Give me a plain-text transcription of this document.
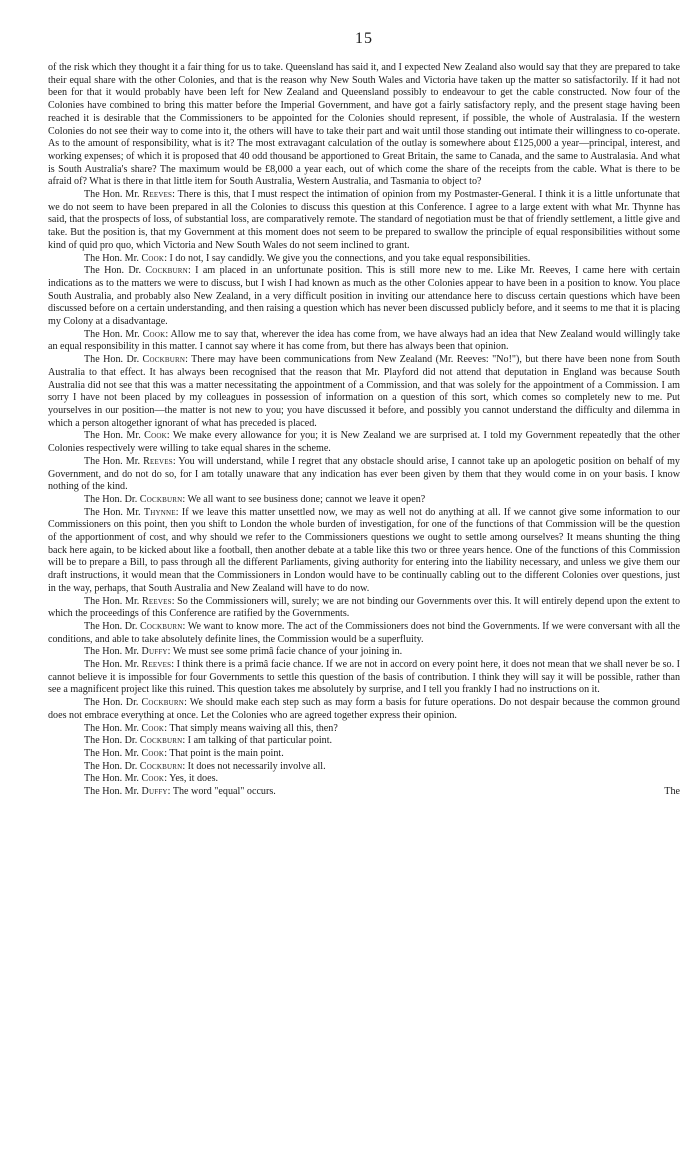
15

of the risk which they thought it a fair thing for us to take. Queensland has said it, and I expected New Zealand also would say that they are prepared to take their equal share with the other Colonies, and that is the reason why New South Wales and Victoria have taken up the matter so satisfactorily. If it had not been for that it would probably have been left for New Zealand and Queensland possibly to endeavour to get the cable constructed. Now four of the Colonies have combined to bring this matter before the Imperial Government, and have got a fairly satisfactory reply, and the present stage having been reached it is desirable that the Commissioners to be appointed for the Colonies should represent, if possible, the whole of Australasia. If the western Colonies do not see their way to come into it, the others will have to take their part and wait until those standing out intimate their willingness to co-operate. As to the amount of responsibility, what is it? The most extravagant calculation of the outlay is somewhere about £125,000 a year—principal, interest, and working expenses; of which it is proposed that 40 odd thousand be apportioned to Great Britain, the same to Canada, and the same to Australasia. And what is South Australia's share? The maximum would be £8,000 a year each, out of which come the share of the receipts from the cable. What is there to be afraid of? What is there in that little item for South Australia, Western Australia, and Tasmania to object to?

The Hon. Mr. Reeves: There is this, that I must respect the intimation of opinion from my Postmaster-General. I think it is a little unfortunate that we do not seem to have been prepared in all the Colonies to discuss this question at this Conference. I agree to a large extent with what Mr. Thynne has said, that the prospects of loss, of substantial loss, are comparatively remote. The standard of negotiation must be that of friendly settlement, a little give and take. But the position is, that my Government at this moment does not seem to be prepared to swallow the principle of equal responsibilities without some kind of quid pro quo, which Victoria and New South Wales do not seem inclined to grant.

The Hon. Mr. Cook: I do not, I say candidly. We give you the connections, and you take equal responsibilities.

The Hon. Dr. Cockburn: I am placed in an unfortunate position. This is still more new to me. Like Mr. Reeves, I came here with certain indications as to the matters we were to discuss, but I wish I had known as much as the other Colonies appear to have been in a position to know. You place South Australia, and probably also New Zealand, in a very difficult position in inviting our attendance here to discuss certain questions which have been discussed before on a certain understanding, and then raising a question which has never been discussed publicly before, and it seems to me that it is placing my Colony at a disadvantage.

The Hon. Mr. Cook: Allow me to say that, wherever the idea has come from, we have always had an idea that New Zealand would willingly take an equal responsibility in this matter. I cannot say where it has come from, but there has always been that opinion.

The Hon. Dr. Cockburn: There may have been communications from New Zealand (Mr. Reeves: "No!"), but there have been none from South Australia to that effect. It has always been recognised that the reason that Mr. Playford did not attend that deputation in England was because South Australia did not see that this was a matter necessitating the appointment of a Commission, and that was solely for the appointment of a Commission. I am sorry I have not been placed by my colleagues in possession of information on a question of this sort, which comes so completely new to me. Put yourselves in our position—the matter is not new to you; you have discussed it before, and possibly you cannot understand the difficulty and dilemma in which a person altogether ignorant of what has preceded is placed.

The Hon. Mr. Cook: We make every allowance for you; it is New Zealand we are surprised at. I told my Government repeatedly that the other Colonies respectively were willing to take equal shares in the scheme.

The Hon. Mr. Reeves: You will understand, while I regret that any obstacle should arise, I cannot take up an apologetic position on behalf of my Government, and do not do so, for I am totally unaware that any indication has ever been given by them that they would come in on your basis. I know nothing of the kind.

The Hon. Dr. Cockburn: We all want to see business done; cannot we leave it open?

The Hon. Mr. Thynne: If we leave this matter unsettled now, we may as well not do anything at all. If we cannot give some information to our Commissioners on this point, then you shift to London the whole burden of investigation, for one of the functions of that Commission will be the question of the apportionment of cost, and why should we refer to the Commissioners questions we ought to settle among ourselves? It means shunting the thing back here again, to be kicked about like a football, then another debate at a table like this two or three years hence. One of the functions of this Commission will be to prepare a Bill, to pass through all the different Parliaments, giving authority for entering into the liability necessary, and unless we give them our draft instructions, it would mean that the Commissioners in London would have to be continually cabling out to the different Colonies over questions, just in the way, perhaps, that South Australia and New Zealand will have to do now.

The Hon. Mr. Reeves: So the Commissioners will, surely; we are not binding our Governments over this. It will entirely depend upon the extent to which the proceedings of this Conference are ratified by the Governments.

The Hon. Dr. Cockburn: We want to know more. The act of the Commissioners does not bind the Governments. If we were conversant with all the conditions, and able to take absolutely definite lines, the Commission would be a superfluity.

The Hon. Mr. Duffy: We must see some primâ facie chance of your joining in.

The Hon. Mr. Reeves: I think there is a primâ facie chance. If we are not in accord on every point here, it does not mean that we shall never be so. I cannot believe it is impossible for four Governments to settle this question of the basis of contribution. I think they will say it will be possible, rather than see a magnificent project like this ruined. This question takes me absolutely by surprise, and I tell you frankly I had no instructions on it.

The Hon. Dr. Cockburn: We should make each step such as may form a basis for future operations. Do not despair because the common ground does not embrace everything at once. Let the Colonies who are agreed together express their opinion.

The Hon. Mr. Cook: That simply means waiving all this, then?

The Hon. Dr. Cockburn: I am talking of that particular point.

The Hon. Mr. Cook: That point is the main point.

The Hon. Dr. Cockburn: It does not necessarily involve all.

The Hon. Mr. Cook: Yes, it does.

The Hon. Mr. Duffy: The word "equal" occurs.	The
